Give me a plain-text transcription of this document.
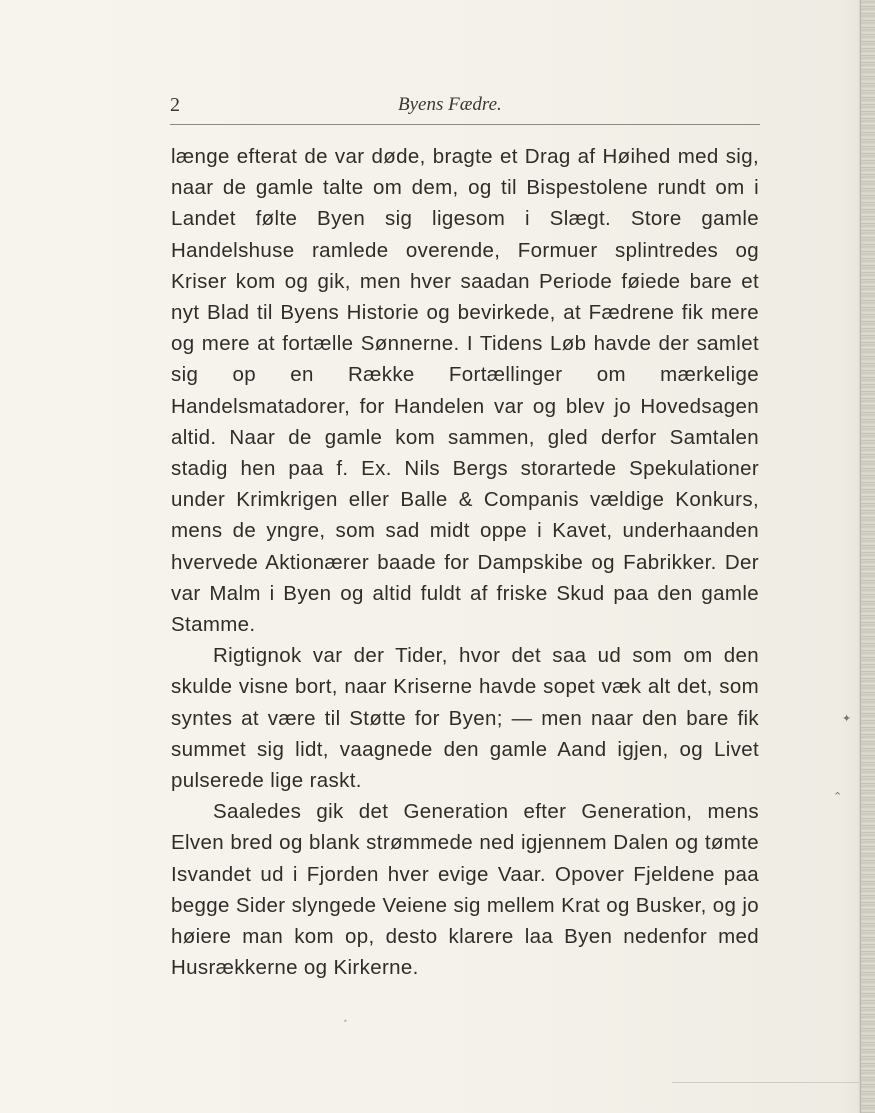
2	Byens Fædre.

længe efterat de var døde, bragte et Drag af Høihed med sig, naar de gamle talte om dem, og til Bispestolene rundt om i Landet følte Byen sig ligesom i Slægt. Store gamle Handelshuse ramlede overende, Formuer splintredes og Kriser kom og gik, men hver saadan Periode føiede bare et nyt Blad til Byens Historie og bevirkede, at Fædrene fik mere og mere at fortælle Sønnerne. I Tidens Løb havde der samlet sig op en Række Fortællinger om mærkelige Handelsmatadorer, for Handelen var og blev jo Hovedsagen altid. Naar de gamle kom sammen, gled derfor Samtalen stadig hen paa f. Ex. Nils Bergs storartede Spekulationer under Krimkrigen eller Balle & Companis vældige Konkurs, mens de yngre, som sad midt oppe i Kavet, underhaanden hvervede Aktionærer baade for Dampskibe og Fabrikker. Der var Malm i Byen og altid fuldt af friske Skud paa den gamle Stamme.

Rigtignok var der Tider, hvor det saa ud som om den skulde visne bort, naar Kriserne havde sopet væk alt det, som syntes at være til Støtte for Byen; — men naar den bare fik summet sig lidt, vaagnede den gamle Aand igjen, og Livet pulserede lige raskt.

Saaledes gik det Generation efter Generation, mens Elven bred og blank strømmede ned igjennem Dalen og tømte Isvandet ud i Fjorden hver evige Vaar. Opover Fjeldene paa begge Sider slyngede Veiene sig mellem Krat og Busker, og jo høiere man kom op, desto klarere laa Byen nedenfor med Husrækkerne og Kirkerne.

✦
⌃
•
